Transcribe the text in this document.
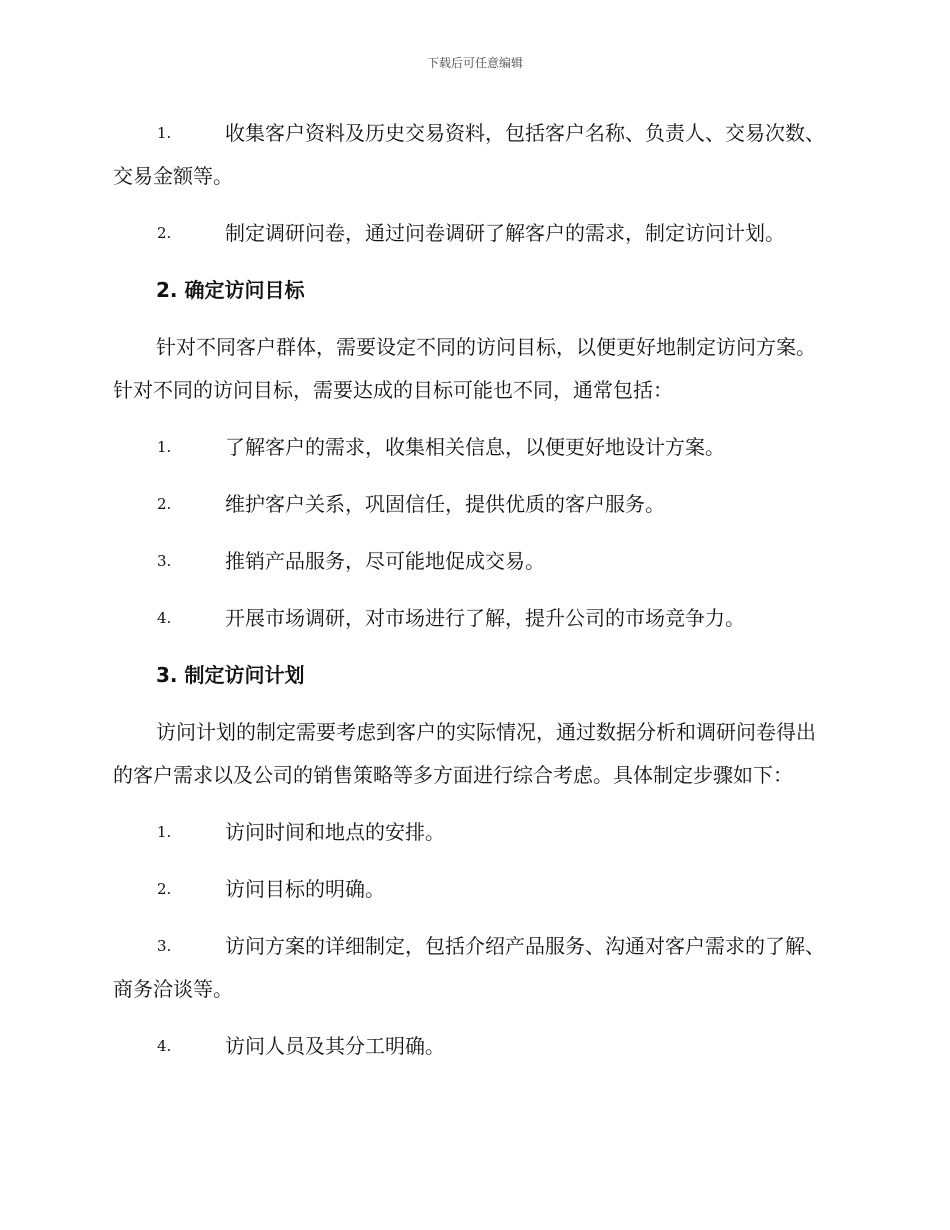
下载后可任意编辑
1.	收集客户资料及历史交易资料，包括客户名称、负责人、交易次数、交易金额等。
2.	制定调研问卷，通过问卷调研了解客户的需求，制定访问计划。
2. 确定访问目标
针对不同客户群体，需要设定不同的访问目标，以便更好地制定访问方案。针对不同的访问目标，需要达成的目标可能也不同，通常包括：
1.	了解客户的需求，收集相关信息，以便更好地设计方案。
2.	维护客户关系，巩固信任，提供优质的客户服务。
3.	推销产品服务，尽可能地促成交易。
4.	开展市场调研，对市场进行了解，提升公司的市场竞争力。
3. 制定访问计划
访问计划的制定需要考虑到客户的实际情况，通过数据分析和调研问卷得出的客户需求以及公司的销售策略等多方面进行综合考虑。具体制定步骤如下：
1.	访问时间和地点的安排。
2.	访问目标的明确。
3.	访问方案的详细制定，包括介绍产品服务、沟通对客户需求的了解、商务洽谈等。
4.	访问人员及其分工明确。
